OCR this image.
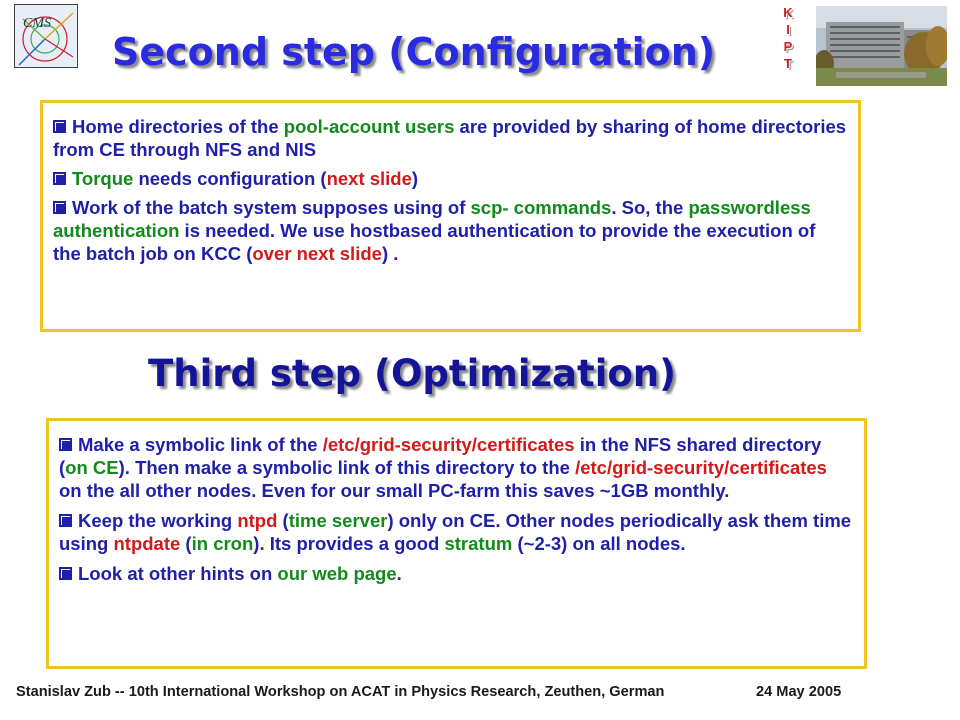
CMS
Second step (Configuration)
K
I
P
T

Home directories of the pool-account users are provided by sharing of home directories from CE through NFS and NIS

Torque needs configuration (next slide)

Work of the batch system supposes using of scp- commands. So, the passwordless authentication is needed. We use hostbased authentication to provide the execution of the batch job on KCC (over next slide) .

Third step (Optimization)

Make a symbolic link of the /etc/grid-security/certificates in the NFS shared directory (on CE). Then make a symbolic link of this directory to the /etc/grid-security/certificates on the all other nodes. Even for our small PC-farm this saves ~1GB monthly.

Keep the working ntpd (time server) only on CE. Other nodes periodically ask them time using ntpdate (in cron). Its provides a good stratum (~2-3) on all nodes.

Look at other hints on our web page.

Stanislav Zub -- 10th International Workshop on ACAT in Physics Research, Zeuthen, German	24 May 2005
